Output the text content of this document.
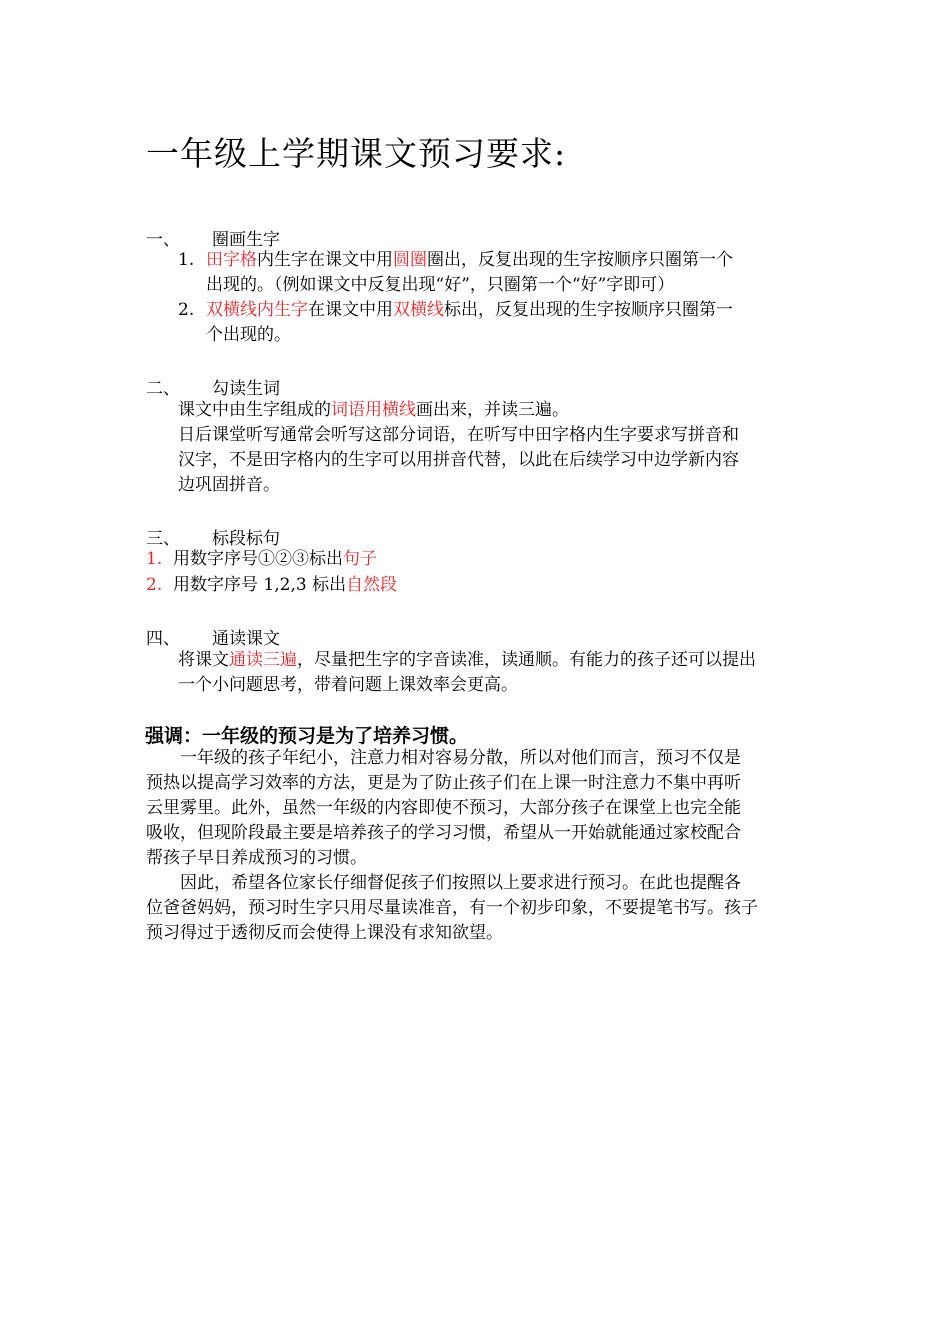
一年级上学期课文预习要求:
一、 圈画生字
1. 田字格内生字在课文中用圆圈圈出，反复出现的生字按顺序只圈第一个
出现的。（例如课文中反复出现“好”，只圈第一个“好”字即可）
2. 双横线内生字在课文中用双横线标出，反复出现的生字按顺序只圈第一
个出现的。
二、 勾读生词
课文中由生字组成的词语用横线画出来，并读三遍。
日后课堂听写通常会听写这部分词语，在听写中田字格内生字要求写拼音和
汉字，不是田字格内的生字可以用拼音代替，以此在后续学习中边学新内容
边巩固拼音。
三、 标段标句
1. 用数字序号①②③标出句子
2. 用数字序号 1,2,3 标出自然段
四、 通读课文
将课文通读三遍，尽量把生字的字音读准，读通顺。有能力的孩子还可以提出
一个小问题思考，带着问题上课效率会更高。
强调：一年级的预习是为了培养习惯。
　　一年级的孩子年纪小，注意力相对容易分散，所以对他们而言，预习不仅是
预热以提高学习效率的方法，更是为了防止孩子们在上课一时注意力不集中再听
云里雾里。此外，虽然一年级的内容即使不预习，大部分孩子在课堂上也完全能
吸收，但现阶段最主要是培养孩子的学习习惯，希望从一开始就能通过家校配合
帮孩子早日养成预习的习惯。
　　因此，希望各位家长仔细督促孩子们按照以上要求进行预习。在此也提醒各
位爸爸妈妈，预习时生字只用尽量读准音，有一个初步印象，不要提笔书写。孩子
预习得过于透彻反而会使得上课没有求知欲望。
